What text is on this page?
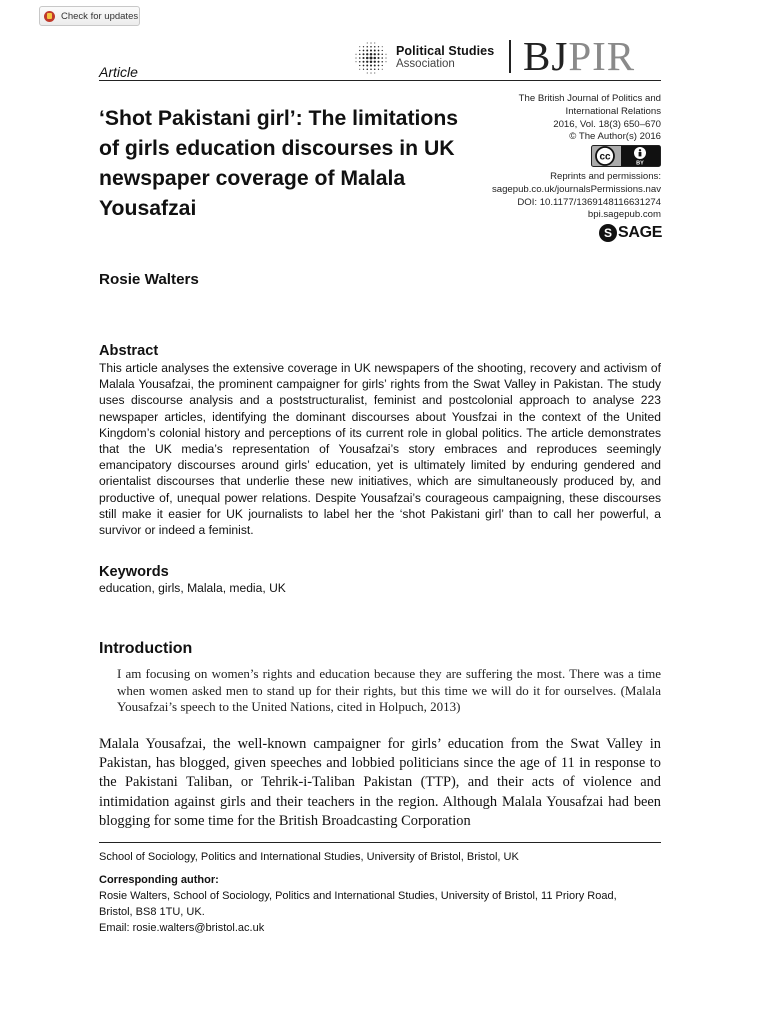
Check for updates
Political Studies
Association BJPIR
Article
‘Shot Pakistani girl’: The limitations of girls education discourses in UK newspaper coverage of Malala Yousafzai
The British Journal of Politics and
International Relations
2016, Vol. 18(3) 650–670
© The Author(s) 2016
cc
BY
Reprints and permissions:
sagepub.co.uk/journalsPermissions.nav
DOI: 10.1177/1369148116631274
bpi.sagepub.com
S SAGE
Rosie Walters
Abstract
This article analyses the extensive coverage in UK newspapers of the shooting, recovery and activism of Malala Yousafzai, the prominent campaigner for girls’ rights from the Swat Valley in Pakistan. The study uses discourse analysis and a poststructuralist, feminist and postcolonial approach to analyse 223 newspaper articles, identifying the dominant discourses about Yousfzai in the context of the United Kingdom’s colonial history and perceptions of its current role in global politics. The article demonstrates that the UK media’s representation of Yousafzai’s story embraces and reproduces seemingly emancipatory discourses around girls’ education, yet is ultimately limited by enduring gendered and orientalist discourses that underlie these new initiatives, which are simultaneously produced by, and productive of, unequal power relations. Despite Yousafzai’s courageous campaigning, these discourses still make it easier for UK journalists to label her the ‘shot Pakistani girl’ than to call her powerful, a survivor or indeed a feminist.
Keywords
education, girls, Malala, media, UK
Introduction
I am focusing on women’s rights and education because they are suffering the most. There was a time when women asked men to stand up for their rights, but this time we will do it for ourselves. (Malala Yousafzai’s speech to the United Nations, cited in Holpuch, 2013)
Malala Yousafzai, the well-known campaigner for girls’ education from the Swat Valley in Pakistan, has blogged, given speeches and lobbied politicians since the age of 11 in response to the Pakistani Taliban, or Tehrik-i-Taliban Pakistan (TTP), and their acts of violence and intimidation against girls and their teachers in the region. Although Malala Yousafzai had been blogging for some time for the British Broadcasting Corporation
School of Sociology, Politics and International Studies, University of Bristol, Bristol, UK
Corresponding author:
Rosie Walters, School of Sociology, Politics and International Studies, University of Bristol, 11 Priory Road,
Bristol, BS8 1TU, UK.
Email: rosie.walters@bristol.ac.uk
